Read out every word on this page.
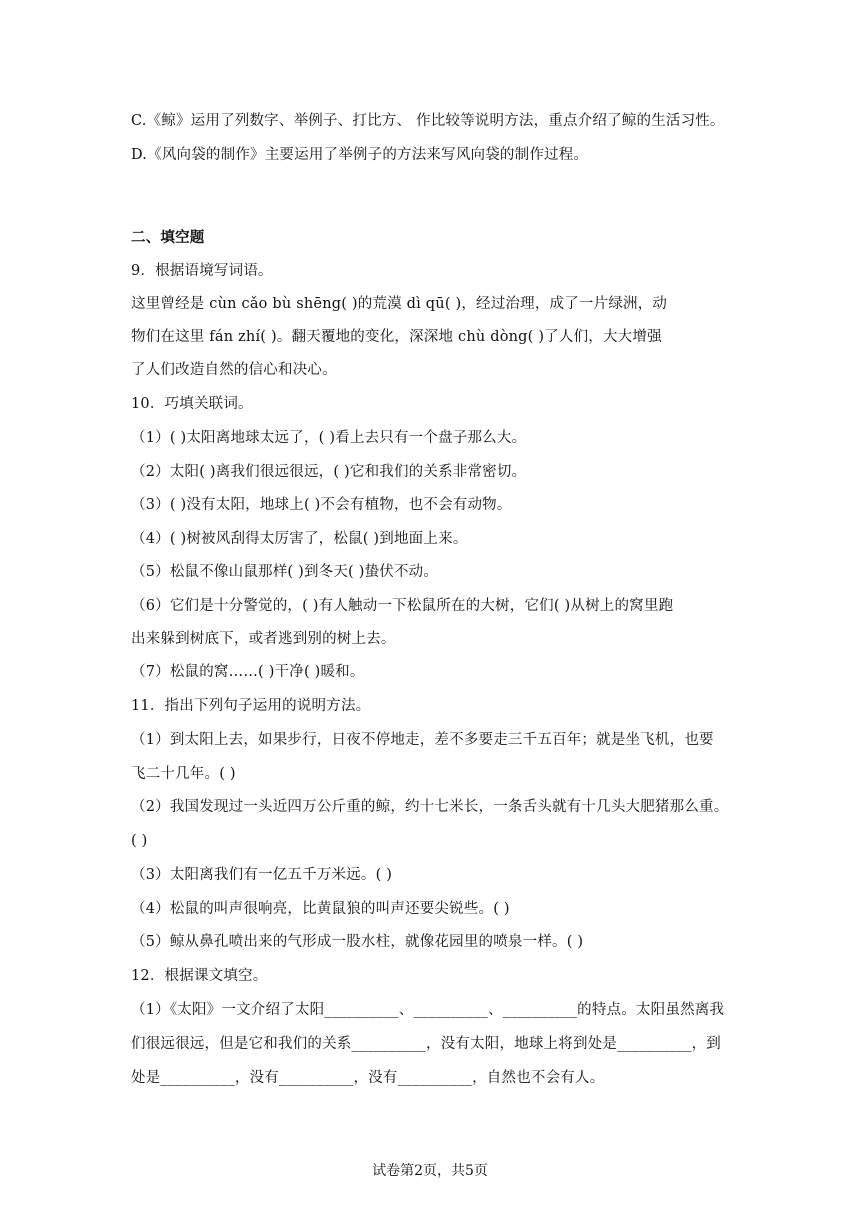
C.《鲸》运用了列数字、举例子、打比方、 作比较等说明方法，重点介绍了鲸的生活习性。
D.《风向袋的制作》主要运用了举例子的方法来写风向袋的制作过程。
二、填空题
9．根据语境写词语。
这里曾经是 cùn cǎo bù shēng( )的荒漠 dì qū( )，经过治理，成了一片绿洲，动
物们在这里 fán zhí( )。翻天覆地的变化，深深地 chù dòng( )了人们，大大增强
了人们改造自然的信心和决心。
10．巧填关联词。
（1）( )太阳离地球太远了，( )看上去只有一个盘子那么大。
（2）太阳( )离我们很远很远，( )它和我们的关系非常密切。
（3）( )没有太阳，地球上( )不会有植物，也不会有动物。
（4）( )树被风刮得太厉害了，松鼠( )到地面上来。
（5）松鼠不像山鼠那样( )到冬天( )蛰伏不动。
（6）它们是十分警觉的，( )有人触动一下松鼠所在的大树，它们( )从树上的窝里跑
出来躲到树底下，或者逃到别的树上去。
（7）松鼠的窝……( )干净( )暖和。
11．指出下列句子运用的说明方法。
（1）到太阳上去，如果步行，日夜不停地走，差不多要走三千五百年；就是坐飞机，也要
飞二十几年。( )
（2）我国发现过一头近四万公斤重的鲸，约十七米长，一条舌头就有十几头大肥猪那么重。
( )
（3）太阳离我们有一亿五千万米远。( )
（4）松鼠的叫声很响亮，比黄鼠狼的叫声还要尖锐些。( )
（5）鲸从鼻孔喷出来的气形成一股水柱，就像花园里的喷泉一样。( )
12．根据课文填空。
（1）《太阳》一文介绍了太阳__________、__________、__________的特点。太阳虽然离我
们很远很远，但是它和我们的关系__________，没有太阳，地球上将到处是__________，到
处是__________，没有__________，没有__________，自然也不会有人。
试卷第2页，共5页
